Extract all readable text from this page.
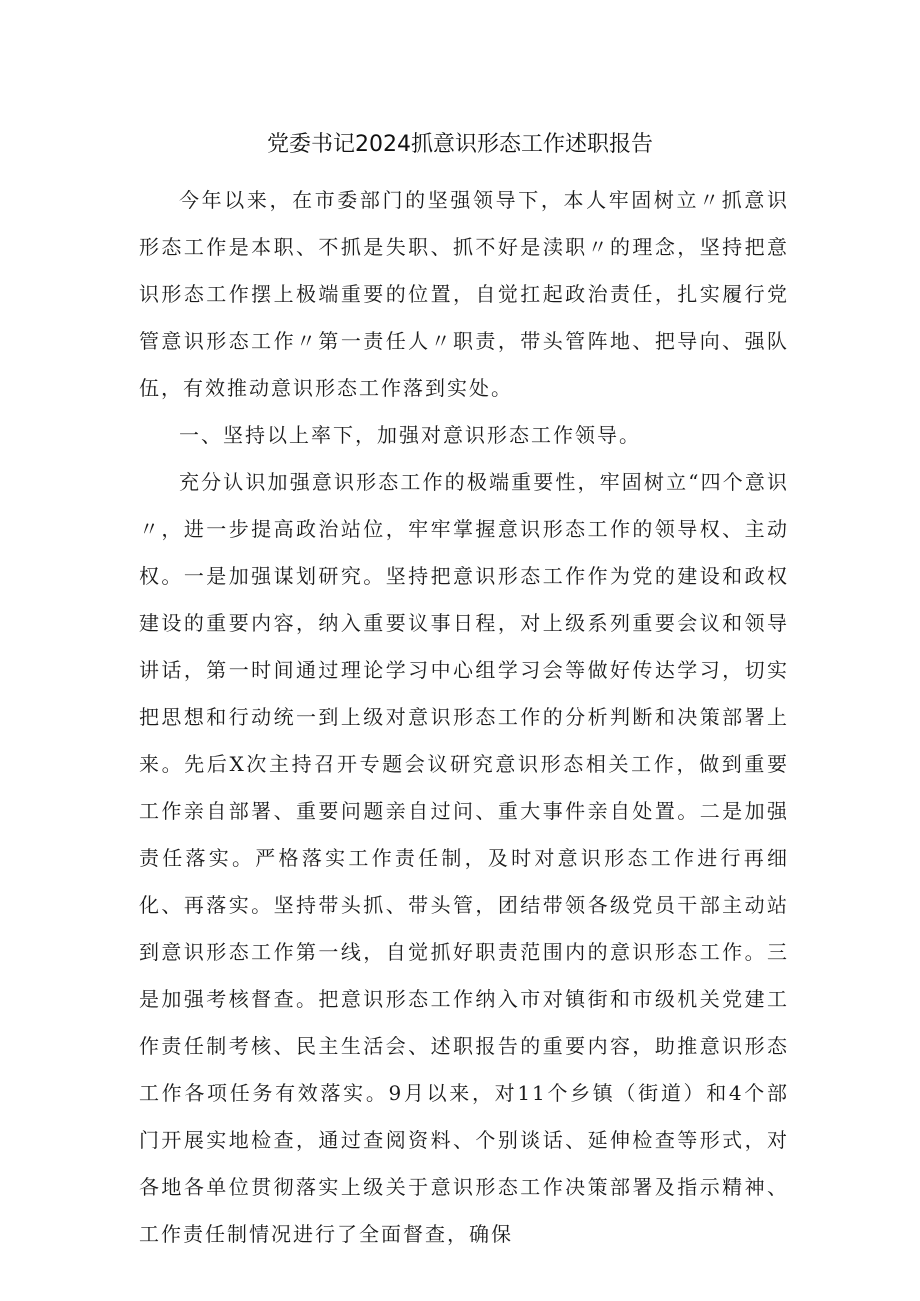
党委书记2024抓意识形态工作述职报告

今年以来，在市委部门的坚强领导下，本人牢固树立〃抓意识形态工作是本职、不抓是失职、抓不好是渎职〃的理念，坚持把意识形态工作摆上极端重要的位置，自觉扛起政治责任，扎实履行党管意识形态工作〃第一责任人〃职责，带头管阵地、把导向、强队伍，有效推动意识形态工作落到实处。

一、坚持以上率下，加强对意识形态工作领导。

充分认识加强意识形态工作的极端重要性，牢固树立“四个意识〃，进一步提高政治站位，牢牢掌握意识形态工作的领导权、主动权。一是加强谋划研究。坚持把意识形态工作作为党的建设和政权建设的重要内容，纳入重要议事日程，对上级系列重要会议和领导讲话，第一时间通过理论学习中心组学习会等做好传达学习，切实把思想和行动统一到上级对意识形态工作的分析判断和决策部署上来。先后X次主持召开专题会议研究意识形态相关工作，做到重要工作亲自部署、重要问题亲自过问、重大事件亲自处置。二是加强责任落实。严格落实工作责任制，及时对意识形态工作进行再细化、再落实。坚持带头抓、带头管，团结带领各级党员干部主动站到意识形态工作第一线，自觉抓好职责范围内的意识形态工作。三是加强考核督查。把意识形态工作纳入市对镇街和市级机关党建工作责任制考核、民主生活会、述职报告的重要内容，助推意识形态工作各项任务有效落实。9月以来，对11个乡镇（街道）和4个部门开展实地检查，通过查阅资料、个别谈话、延伸检查等形式，对各地各单位贯彻落实上级关于意识形态工作决策部署及指示精神、工作责任制情况进行了全面督查，确保
